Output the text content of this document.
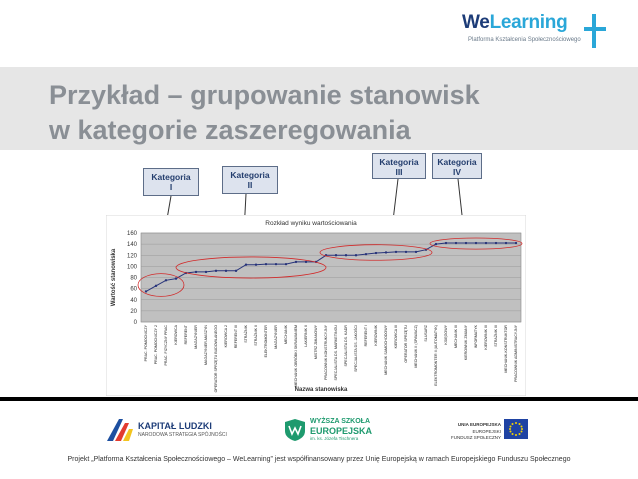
WeLearning
Platforma Kształcenia Społecznościowego
Przykład – grupowanie stanowisk
w kategorie zaszeregowania
Kategoria
I
Kategoria
II
Kategoria
III
Kategoria
IV
Rozkład wyniku wartościowania
0
20
40
60
80
100
120
140
160
Wartość stanowiska
PRAC. POMOCNICZY PRAC. POMOCNICZY 2 PRAC. FIZYCZNY PRAC KIEROWCA REFERENT MAGAZYNIER MAGAZYNIER-MASZYN OPERATOR SPRZĘTU BUDOWLANEGO KIEROWCA 2 REFERENT III STRAŻNIK STRAŻNIK II ELEKTROMONTER MAGAZYNIER MECHANIK MECHANIK OBRÓBKI SKRAWANIEM LAKIERNIK II MISTRZ ZMIANOWY PRACOWNIK KONSTRUKCYJNY SPECJALISTA DS. MARKETINGU SPECJALISTA DS. KADR SPECJALISTA DS. JAKOŚCI REFERENT I KIEROWNIK MECHANIK SAMOCHODOWY KIEROWCA III OPERATOR SPRZĘTU MECHANIK II (SPAWACZ) SLUSARZ ELEKTROMONTER II (AUTOMATYK) KSIĘGOWY MECHANIK III KIEROWNIK ZMIANY INFORMATYK KIEROWNIK III STRAŻNIK III MECHANIK-KONSTRUKTOR PRACOWNIK ADMINISTRACYJNY
Nazwa stanowiska
KAPITAŁ LUDZKI
NARODOWA STRATEGIA SPÓJNOŚCI
WYŻSZA SZKOŁA
EUROPEJSKA
im. ks. Józefa Tischnera
UNIA EUROPEJSKA
EUROPEJSKI
FUNDUSZ SPOŁECZNY
Projekt „Platforma Kształcenia Społecznościowego – WeLearning” jest współfinansowany przez Unię Europejską w ramach Europejskiego Funduszu Społecznego
